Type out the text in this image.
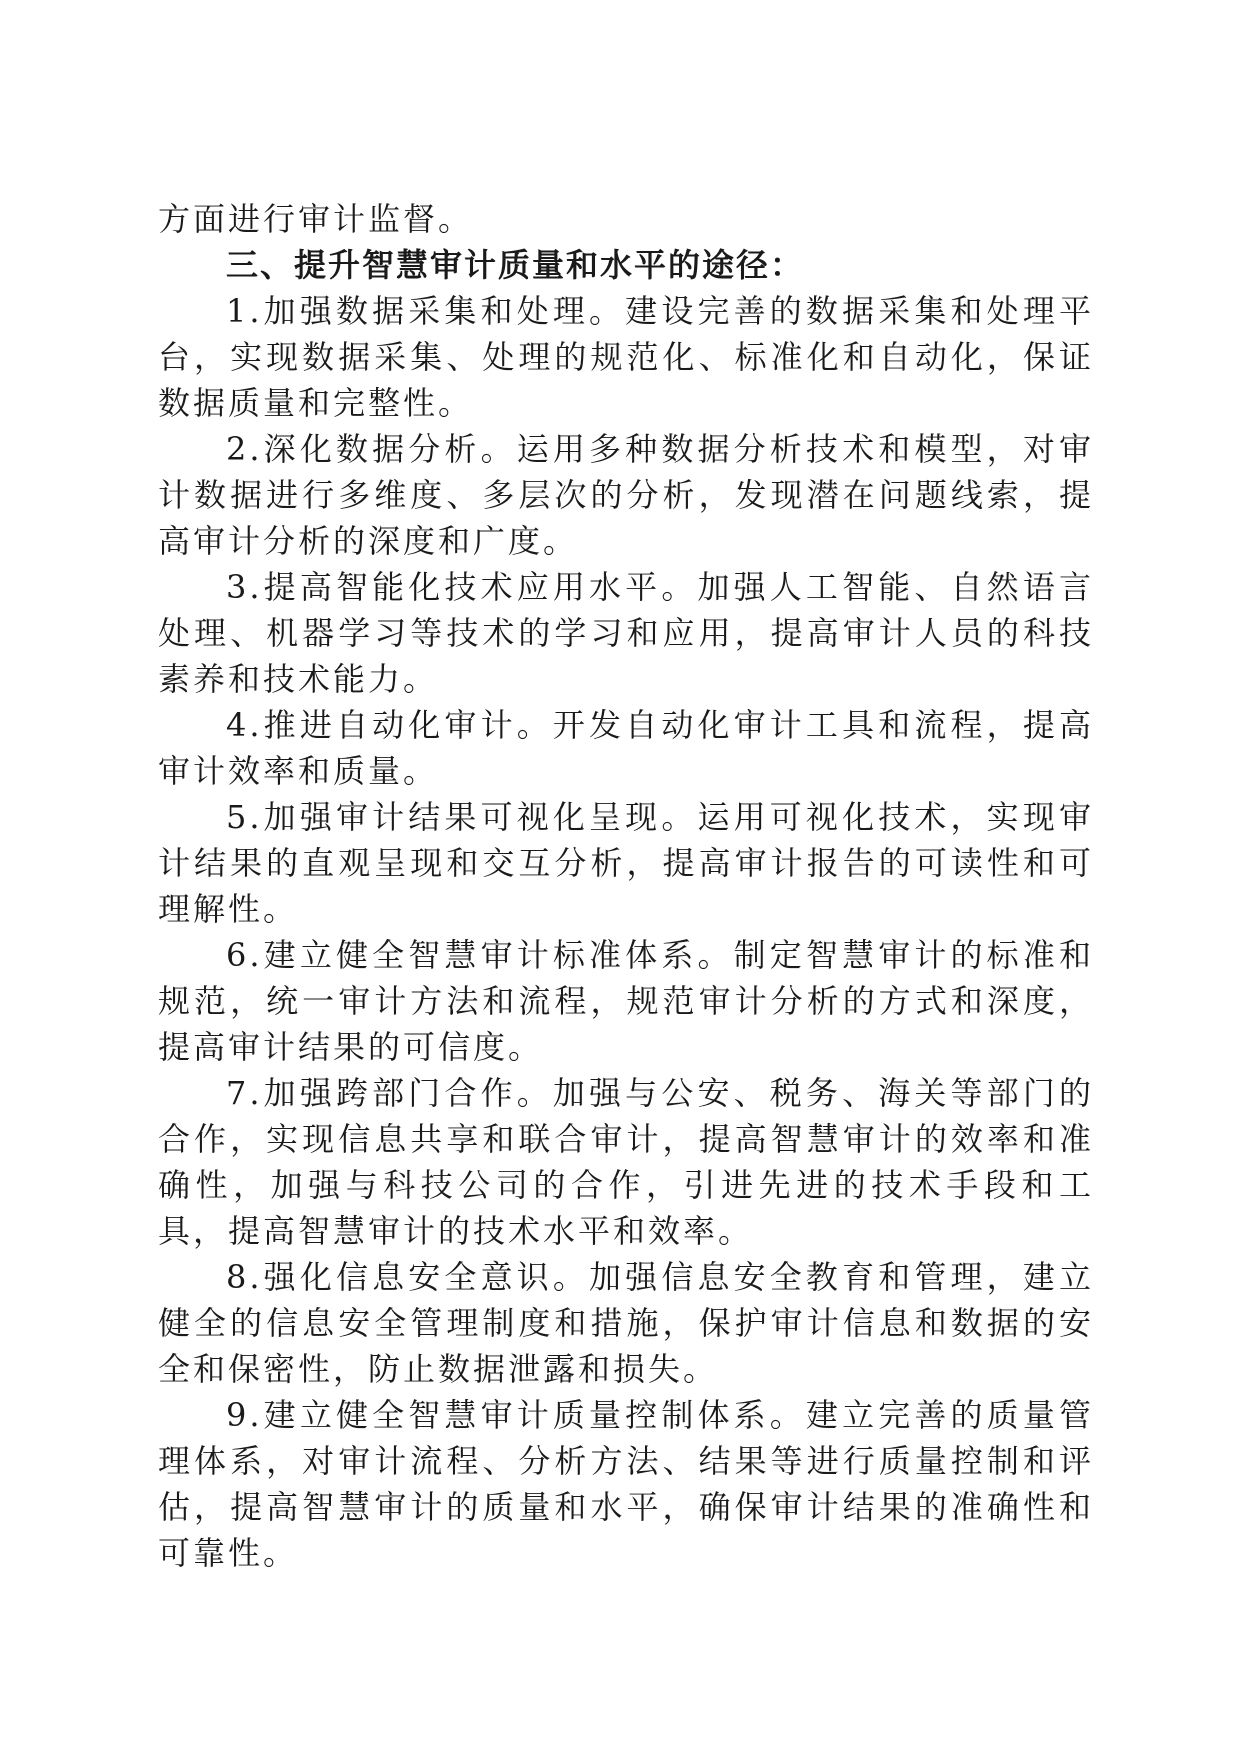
方面进行审计监督。

三、提升智慧审计质量和水平的途径：

1.加强数据采集和处理。建设完善的数据采集和处理平台，实现数据采集、处理的规范化、标准化和自动化，保证数据质量和完整性。

2.深化数据分析。运用多种数据分析技术和模型，对审计数据进行多维度、多层次的分析，发现潜在问题线索，提高审计分析的深度和广度。

3.提高智能化技术应用水平。加强人工智能、自然语言处理、机器学习等技术的学习和应用，提高审计人员的科技素养和技术能力。

4.推进自动化审计。开发自动化审计工具和流程，提高审计效率和质量。

5.加强审计结果可视化呈现。运用可视化技术，实现审计结果的直观呈现和交互分析，提高审计报告的可读性和可理解性。

6.建立健全智慧审计标准体系。制定智慧审计的标准和规范，统一审计方法和流程，规范审计分析的方式和深度，提高审计结果的可信度。

7.加强跨部门合作。加强与公安、税务、海关等部门的合作，实现信息共享和联合审计，提高智慧审计的效率和准确性，加强与科技公司的合作，引进先进的技术手段和工具，提高智慧审计的技术水平和效率。

8.强化信息安全意识。加强信息安全教育和管理，建立健全的信息安全管理制度和措施，保护审计信息和数据的安全和保密性，防止数据泄露和损失。

9.建立健全智慧审计质量控制体系。建立完善的质量管理体系，对审计流程、分析方法、结果等进行质量控制和评估，提高智慧审计的质量和水平，确保审计结果的准确性和可靠性。
